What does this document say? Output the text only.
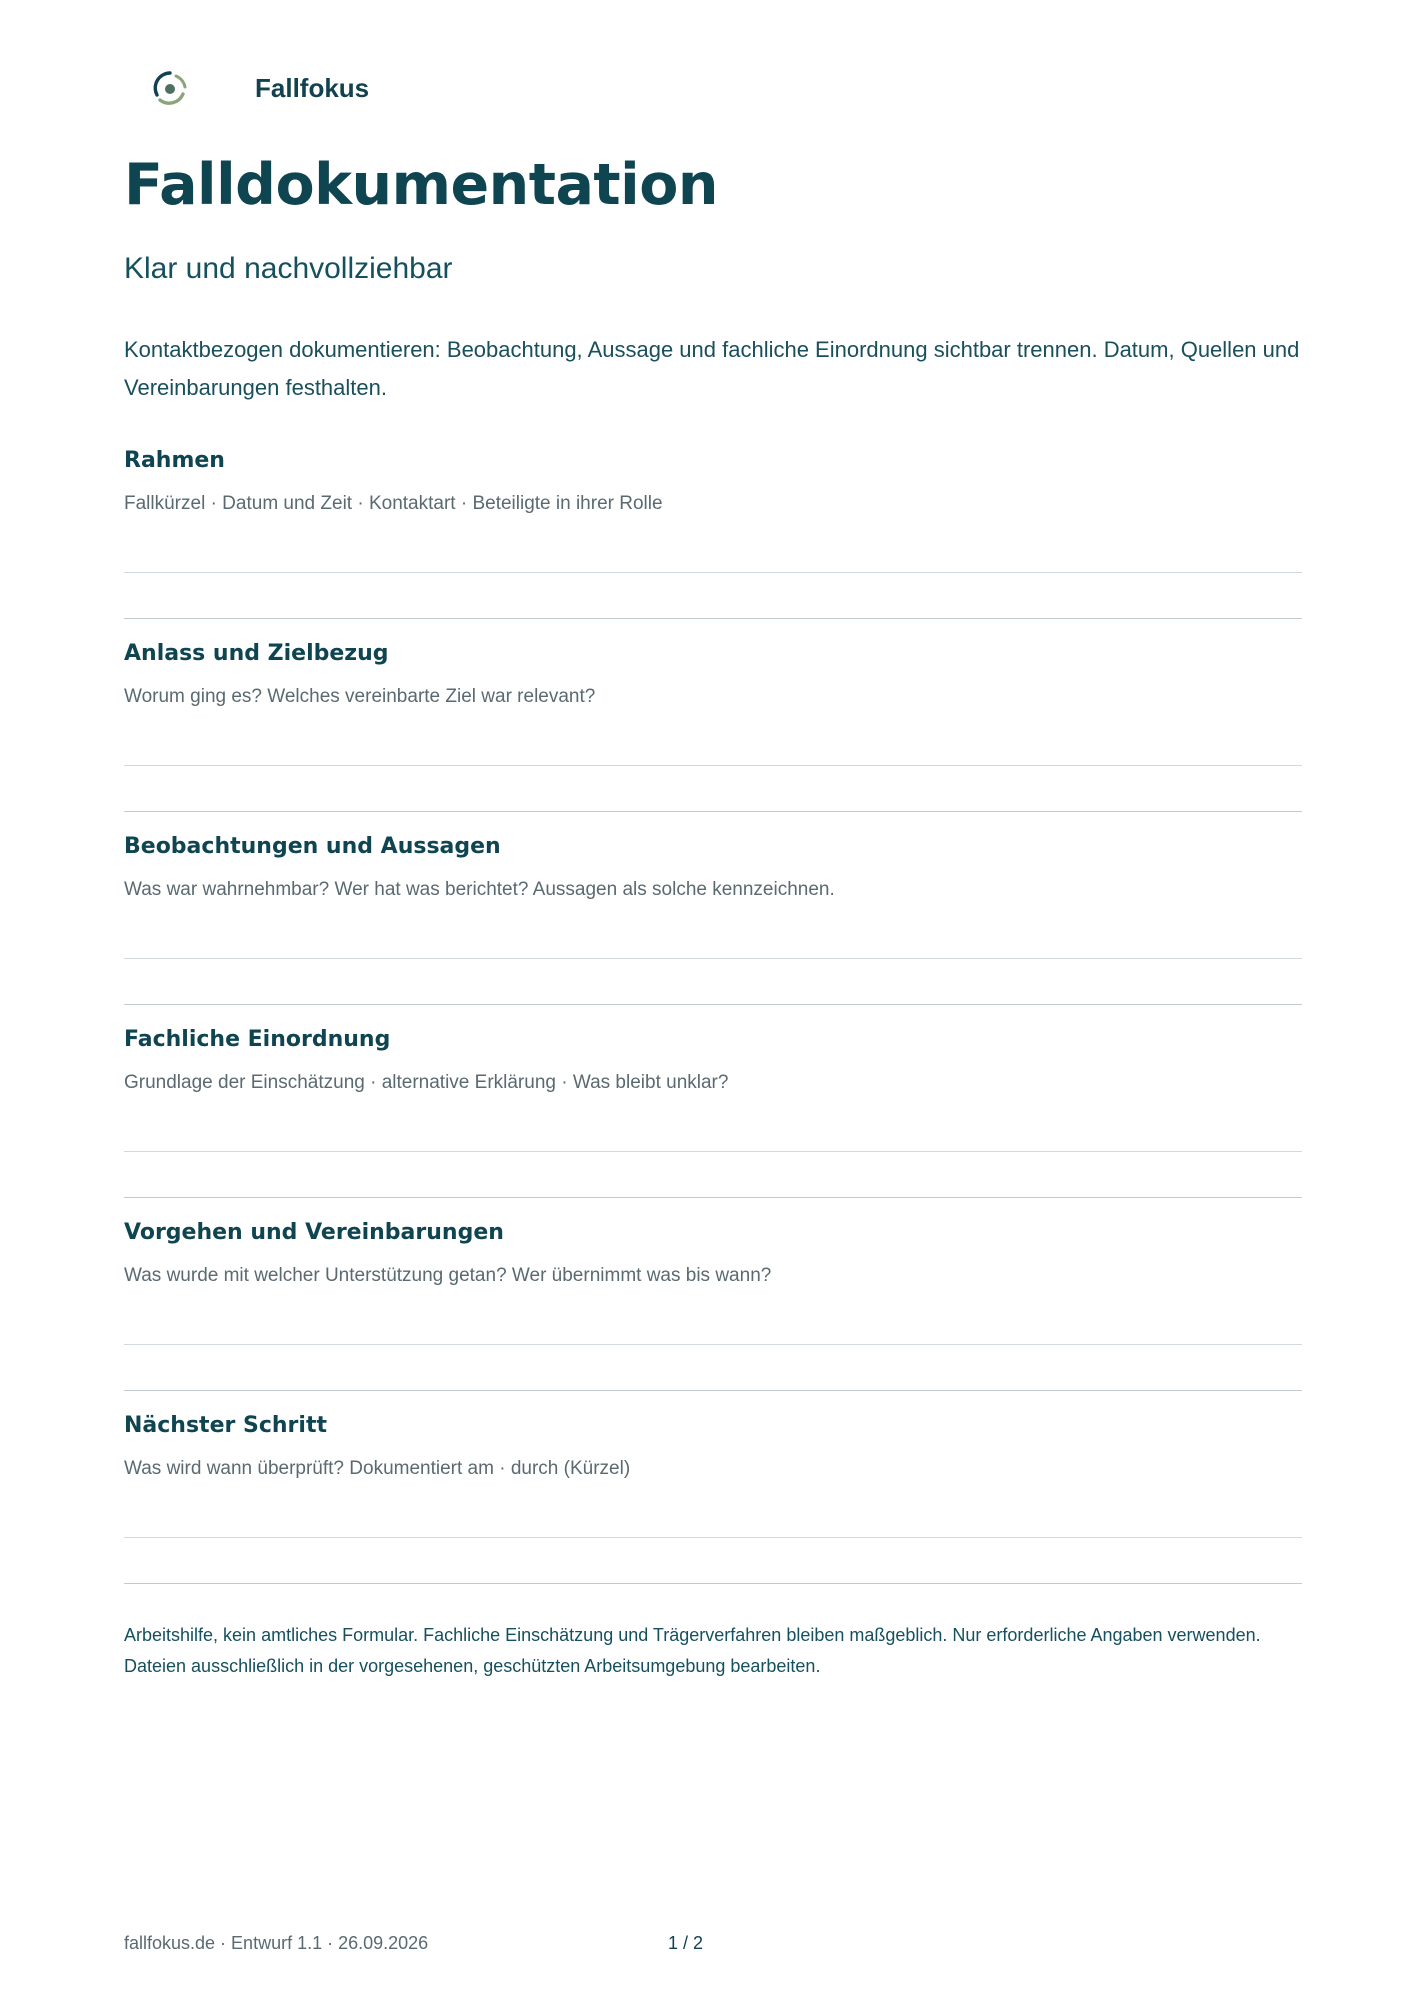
Fallfokus
Falldokumentation

Klar und nachvollziehbar

Kontaktbezogen dokumentieren: Beobachtung, Aussage und fachliche Einordnung sichtbar trennen. Datum, Quellen und Vereinbarungen festhalten.

Rahmen

Fallkürzel · Datum und Zeit · Kontaktart · Beteiligte in ihrer Rolle

Anlass und Zielbezug

Worum ging es? Welches vereinbarte Ziel war relevant?

Beobachtungen und Aussagen

Was war wahrnehmbar? Wer hat was berichtet? Aussagen als solche kennzeichnen.

Fachliche Einordnung

Grundlage der Einschätzung · alternative Erklärung · Was bleibt unklar?

Vorgehen und Vereinbarungen

Was wurde mit welcher Unterstützung getan? Wer übernimmt was bis wann?

Nächster Schritt

Was wird wann überprüft? Dokumentiert am · durch (Kürzel)

Arbeitshilfe, kein amtliches Formular. Fachliche Einschätzung und Trägerverfahren bleiben maßgeblich. Nur erforderliche Angaben verwenden. Dateien ausschließlich in der vorgesehenen, geschützten Arbeitsumgebung bearbeiten.

fallfokus.de · Entwurf 1.1 · 26.09.2026	1 / 2
